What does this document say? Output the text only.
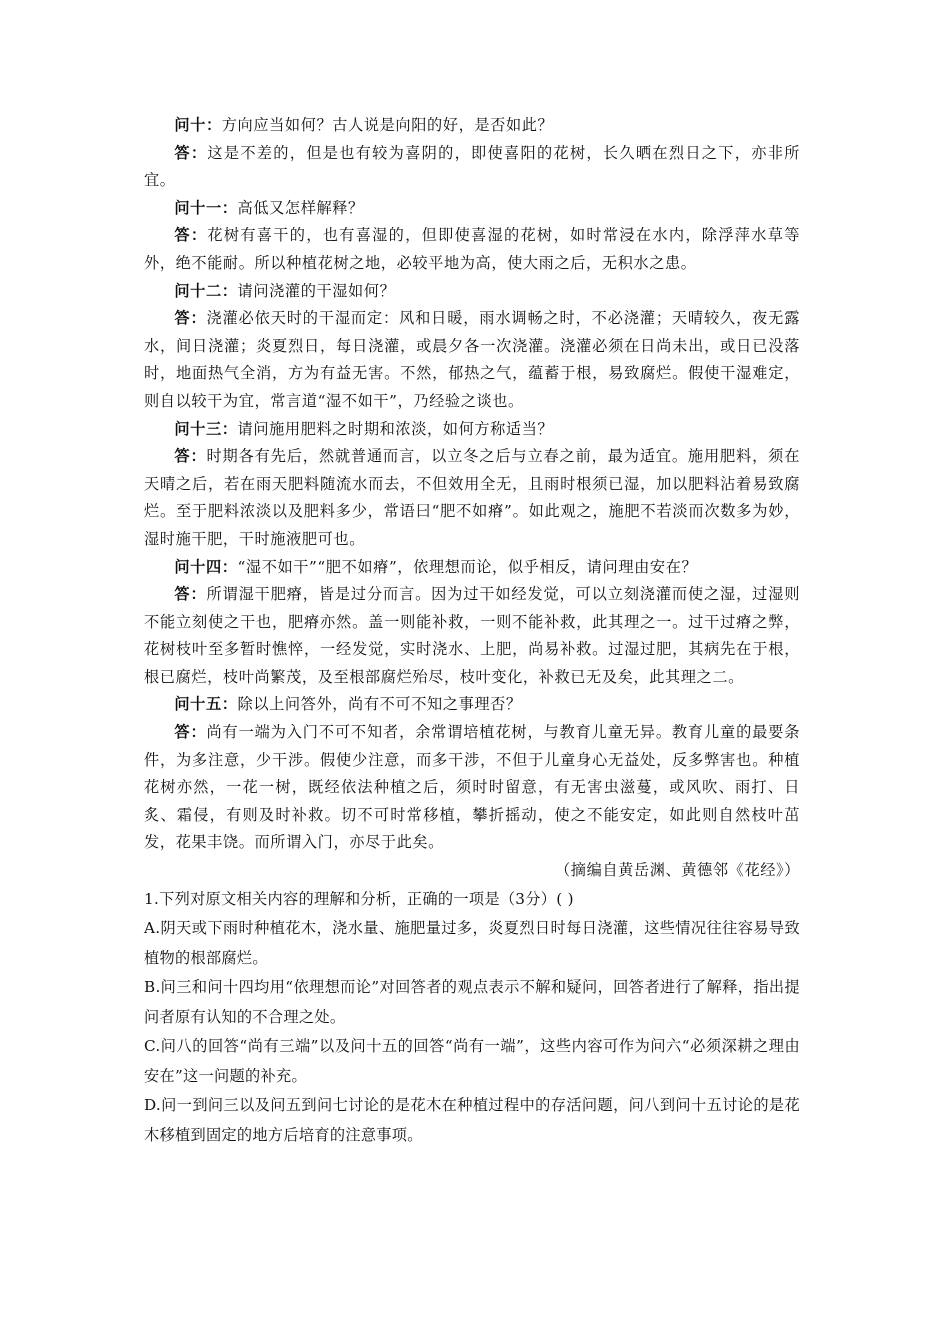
问十：方向应当如何？古人说是向阳的好，是否如此？

答：这是不差的，但是也有较为喜阴的，即使喜阳的花树，长久晒在烈日之下，亦非所宜。

问十一：高低又怎样解释？

答：花树有喜干的，也有喜湿的，但即使喜湿的花树，如时常浸在水内，除浮萍水草等外，绝不能耐。所以种植花树之地，必较平地为高，使大雨之后，无积水之患。

问十二：请问浇灌的干湿如何？

答：浇灌必依天时的干湿而定：风和日暖，雨水调畅之时，不必浇灌；天晴较久，夜无露水，间日浇灌；炎夏烈日，每日浇灌，或晨夕各一次浇灌。浇灌必须在日尚未出，或日已没落时，地面热气全消，方为有益无害。不然，郁热之气，蕴蓄于根，易致腐烂。假使干湿难定，则自以较干为宜，常言道“湿不如干”，乃经验之谈也。

问十三：请问施用肥料之时期和浓淡，如何方称适当？

答：时期各有先后，然就普通而言，以立冬之后与立春之前，最为适宜。施用肥料，须在天晴之后，若在雨天肥料随流水而去，不但效用全无，且雨时根须已湿，加以肥料沾着易致腐烂。至于肥料浓淡以及肥料多少，常语曰“肥不如瘠”。如此观之，施肥不若淡而次数多为妙，湿时施干肥，干时施液肥可也。

问十四：“湿不如干”“肥不如瘠”，依理想而论，似乎相反，请问理由安在？

答：所谓湿干肥瘠，皆是过分而言。因为过干如经发觉，可以立刻浇灌而使之湿，过湿则不能立刻使之干也，肥瘠亦然。盖一则能补救，一则不能补救，此其理之一。过干过瘠之弊，花树枝叶至多暂时憔悴，一经发觉，实时浇水、上肥，尚易补救。过湿过肥，其病先在于根，根已腐烂，枝叶尚繁茂，及至根部腐烂殆尽，枝叶变化，补救已无及矣，此其理之二。

问十五：除以上问答外，尚有不可不知之事理否？

答：尚有一端为入门不可不知者，余常谓培植花树，与教育儿童无异。教育儿童的最要条件，为多注意，少干涉。假使少注意，而多干涉，不但于儿童身心无益处，反多弊害也。种植花树亦然，一花一树，既经依法种植之后，须时时留意，有无害虫滋蔓，或风吹、雨打、日炙、霜侵，有则及时补救。切不可时常移植，攀折摇动，使之不能安定，如此则自然枝叶茁发，花果丰饶。而所谓入门，亦尽于此矣。

（摘编自黄岳渊、黄德邻《花经》）

1.下列对原文相关内容的理解和分析，正确的一项是（3分）( )

A.阴天或下雨时种植花木，浇水量、施肥量过多，炎夏烈日时每日浇灌，这些情况往往容易导致植物的根部腐烂。

B.问三和问十四均用“依理想而论”对回答者的观点表示不解和疑问，回答者进行了解释，指出提问者原有认知的不合理之处。

C.问八的回答“尚有三端”以及问十五的回答“尚有一端”，这些内容可作为问六“必须深耕之理由安在”这一问题的补充。

D.问一到问三以及问五到问七讨论的是花木在种植过程中的存活问题，问八到问十五讨论的是花木移植到固定的地方后培育的注意事项。
